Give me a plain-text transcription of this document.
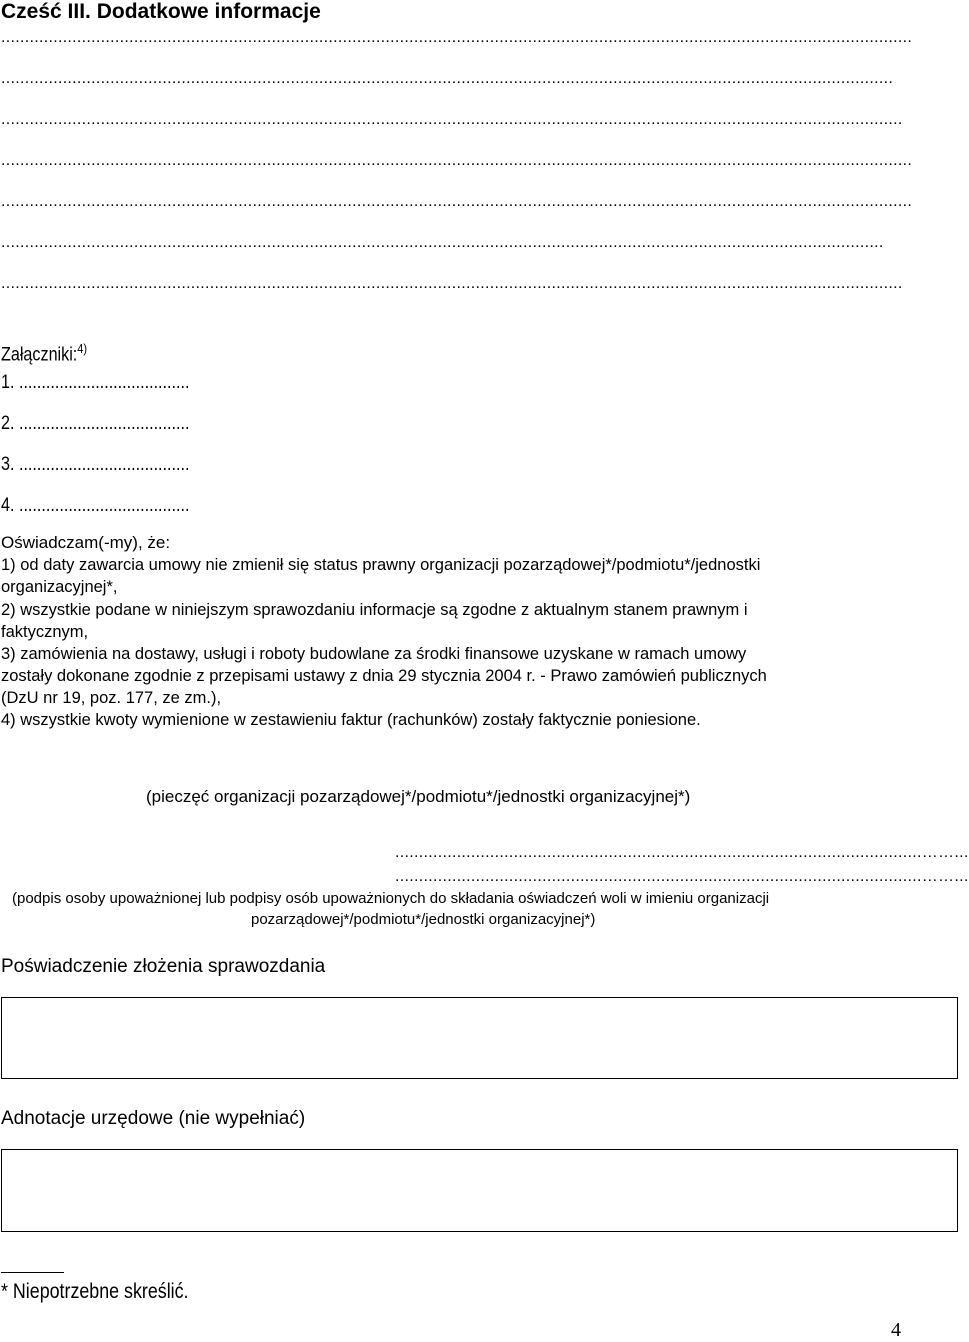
Cześć III. Dodatkowe informacje
................................................................................................................................................................................................
............................................................................................................................................................................................
..............................................................................................................................................................................................
................................................................................................................................................................................................
................................................................................................................................................................................................
..........................................................................................................................................................................................
..............................................................................................................................................................................................
Załączniki:$^{4)}$
1. ......................................
2. ......................................
3. ......................................
4. ......................................
Oświadczam(-my), że:
1) od daty zawarcia umowy nie zmienił się status prawny organizacji pozarządowej*/podmiotu*/jednostki
organizacyjnej*,
2) wszystkie podane w niniejszym sprawozdaniu informacje są zgodne z aktualnym stanem prawnym i
faktycznym,
3) zamówienia na dostawy, usługi i roboty budowlane za środki finansowe uzyskane w ramach umowy
zostały dokonane zgodnie z przepisami ustawy z dnia 29 stycznia 2004 r. - Prawo zamówień publicznych
(DzU nr 19, poz. 177, ze zm.),
4) wszystkie kwoty wymienione w zestawieniu faktur (rachunków) zostały faktycznie poniesione.
(pieczęć organizacji pozarządowej*/podmiotu*/jednostki organizacyjnej*)
...............................................................................................................……...
...............................................................................................................……...
(podpis osoby upoważnionej lub podpisy osób upoważnionych do składania oświadczeń woli w imieniu organizacji
pozarządowej*/podmiotu*/jednostki organizacyjnej*)
Poświadczenie złożenia sprawozdania
Adnotacje urzędowe (nie wypełniać)
* Niepotrzebne skreślić.
4
